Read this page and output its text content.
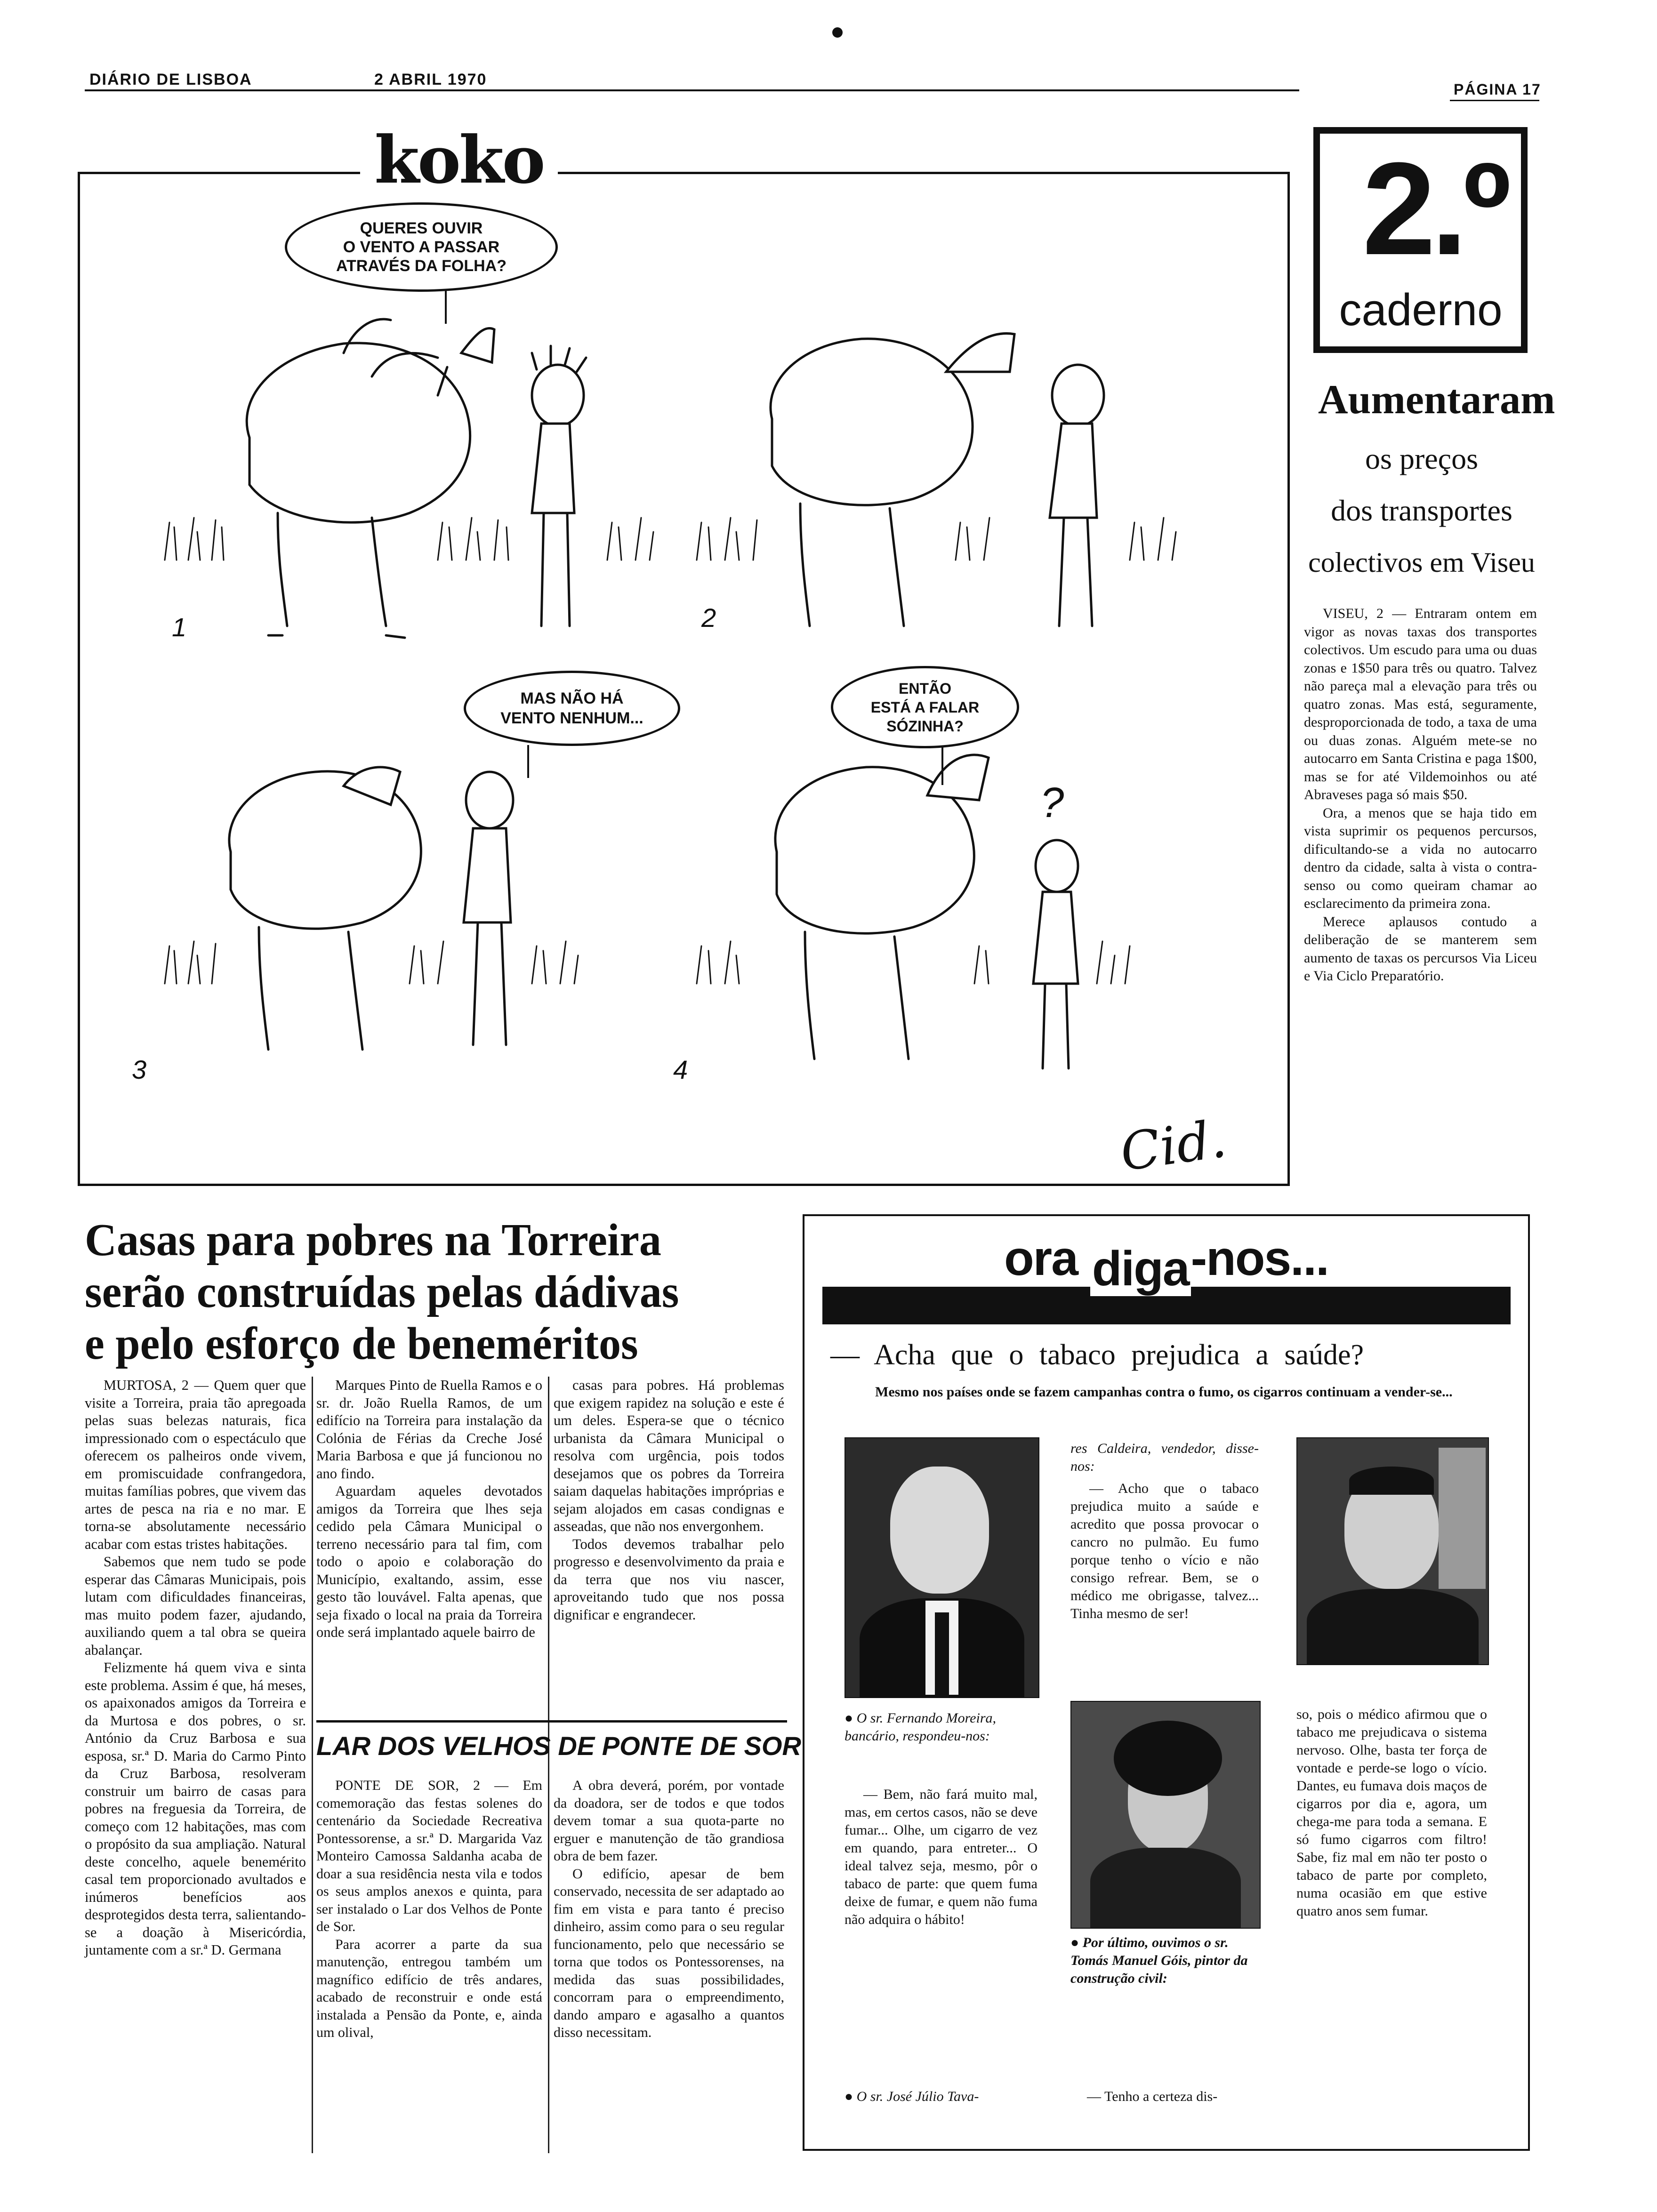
DIÁRIO DE LISBOA	2 ABRIL 1970
PÁGINA 17
koko
QUERES OUVIR
O VENTO A PASSAR
ATRAVÉS DA FOLHA?
MAS NÃO HÁ
VENTO NENHUM...
ENTÃO
ESTÁ A FALAR
SÓZINHA?
?
1	2
3	4
Cid.
2.º
caderno
Aumentaram
os preços
dos transportes
colectivos em Viseu

VISEU, 2 — Entraram ontem em vigor as novas taxas dos transportes colectivos. Um escudo para uma ou duas zonas e 1$50 para três ou quatro. Talvez não pareça mal a elevação para três ou quatro zonas. Mas está, seguramente, desproporcionada de todo, a taxa de uma ou duas zonas. Alguém mete-se no autocarro em Santa Cristina e paga 1$00, mas se for até Vildemoinhos ou até Abraveses paga só mais $50.

Ora, a menos que se haja tido em vista suprimir os pequenos percursos, dificultando-se a vida no autocarro dentro da cidade, salta à vista o contra-senso ou como queiram chamar ao esclarecimento da primeira zona.

Merece aplausos contudo a deliberação de se manterem sem aumento de taxas os percursos Via Liceu e Via Ciclo Preparatório.

Casas para pobres na Torreira
serão construídas pelas dádivas
e pelo esforço de beneméritos

MURTOSA, 2 — Quem quer que visite a Torreira, praia tão apregoada pelas suas belezas naturais, fica impressionado com o espectáculo que oferecem os palheiros onde vivem, em promiscuidade confrangedora, muitas famílias pobres, que vivem das artes de pesca na ria e no mar. E torna-se absolutamente necessário acabar com estas tristes habitações.

Sabemos que nem tudo se pode esperar das Câmaras Municipais, pois lutam com dificuldades financeiras, mas muito podem fazer, ajudando, auxiliando quem a tal obra se queira abalançar.

Felizmente há quem viva e sinta este problema. Assim é que, há meses, os apaixonados amigos da Torreira e da Murtosa e dos pobres, o sr. António da Cruz Barbosa e sua esposa, sr.ª D. Maria do Carmo Pinto da Cruz Barbosa, resolveram construir um bairro de casas para pobres na freguesia da Torreira, de começo com 12 habitações, mas com o propósito da sua ampliação. Natural deste concelho, aquele benemérito casal tem proporcionado avultados e inúmeros benefícios aos desprotegidos desta terra, salientando-se a doação à Misericórdia, juntamente com a sr.ª D. Germana

Marques Pinto de Ruella Ramos e o sr. dr. João Ruella Ramos, de um edifício na Torreira para instalação da Colónia de Férias da Creche José Maria Barbosa e que já funcionou no ano findo.

Aguardam aqueles devotados amigos da Torreira que lhes seja cedido pela Câmara Municipal o terreno necessário para tal fim, com todo o apoio e colaboração do Município, exaltando, assim, esse gesto tão louvável. Falta apenas, que seja fixado o local na praia da Torreira onde será implantado aquele bairro de

casas para pobres. Há problemas que exigem rapidez na solução e este é um deles. Espera-se que o técnico urbanista da Câmara Municipal o resolva com urgência, pois todos desejamos que os pobres da Torreira saiam daquelas habitações impróprias e sejam alojados em casas condignas e asseadas, que não nos envergonhem.

Todos devemos trabalhar pelo progresso e desenvolvimento da praia e da terra que nos viu nascer, aproveitando tudo que nos possa dignificar e engrandecer.

LAR DOS VELHOS DE PONTE DE SOR

PONTE DE SOR, 2 — Em comemoração das festas solenes do centenário da Sociedade Recreativa Pontessorense, a sr.ª D. Margarida Vaz Monteiro Camossa Saldanha acaba de doar a sua residência nesta vila e todos os seus amplos anexos e quinta, para ser instalado o Lar dos Velhos de Ponte de Sor.

Para acorrer a parte da sua manutenção, entregou também um magnífico edifício de três andares, acabado de reconstruir e onde está instalada a Pensão da Ponte, e, ainda um olival,

A obra deverá, porém, por vontade da doadora, ser de todos e que todos devem tomar a sua quota-parte no erguer e manutenção de tão grandiosa obra de bem fazer.

O edifício, apesar de bem conservado, necessita de ser adaptado ao fim em vista e para tanto é preciso dinheiro, assim como para o seu regular funcionamento, pelo que necessário se torna que todos os Pontessorenses, na medida das suas possibilidades, concorram para o empreendimento, dando amparo e agasalho a quantos disso necessitam.

ora diga-nos...
— Acha que o tabaco prejudica a saúde?
Mesmo nos países onde se fazem campanhas contra o fumo, os cigarros continuam a vender-se...
● O sr. Fernando Moreira, bancário, respondeu-nos:

— Bem, não fará muito mal, mas, em certos casos, não se deve fumar... Olhe, um cigarro de vez em quando, para entreter... O ideal talvez seja, mesmo, pôr o tabaco de parte: que quem fuma deixe de fumar, e quem não fuma não adquira o hábito!

● O sr. José Júlio Tava-
res Caldeira, vendedor, disse-nos:

— Acho que o tabaco prejudica muito a saúde e acredito que possa provocar o cancro no pulmão. Eu fumo porque tenho o vício e não consigo refrear. Bem, se o médico me obrigasse, talvez... Tinha mesmo de ser!

● Por último, ouvimos o sr. Tomás Manuel Góis, pintor da construção civil:
— Tenho a certeza dis-

so, pois o médico afirmou que o tabaco me prejudicava o sistema nervoso. Olhe, basta ter força de vontade e perde-se logo o vício. Dantes, eu fumava dois maços de cigarros por dia e, agora, um chega-me para toda a semana. E só fumo cigarros com filtro! Sabe, fiz mal em não ter posto o tabaco de parte por completo, numa ocasião em que estive quatro anos sem fumar.
